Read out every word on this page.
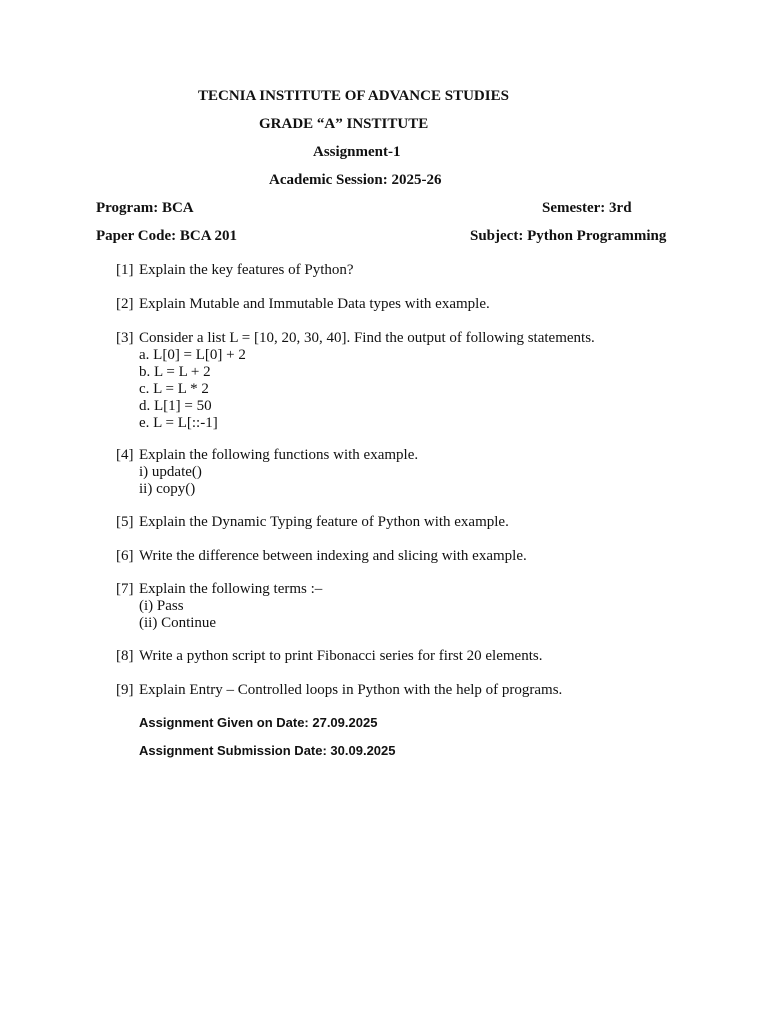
TECNIA INSTITUTE OF ADVANCE STUDIES
GRADE “A” INSTITUTE
Assignment-1
Academic Session: 2025-26
Program: BCA	Semester: 3rd
Paper Code: BCA 201	Subject: Python Programming
[1] Explain the key features of Python?
[2] Explain Mutable and Immutable Data types with example.
[3] Consider a list L = [10, 20, 30, 40]. Find the output of following statements.
a. L[0] = L[0] + 2
b. L = L + 2
c. L = L * 2
d. L[1] = 50
e. L = L[::-1]
[4] Explain the following functions with example.
i) update()
ii) copy()
[5] Explain the Dynamic Typing feature of Python with example.
[6] Write the difference between indexing and slicing with example.
[7] Explain the following terms :–
(i) Pass
(ii) Continue
[8] Write a python script to print Fibonacci series for first 20 elements.
[9] Explain Entry – Controlled loops in Python with the help of programs.
Assignment Given on Date: 27.09.2025
Assignment Submission Date: 30.09.2025
